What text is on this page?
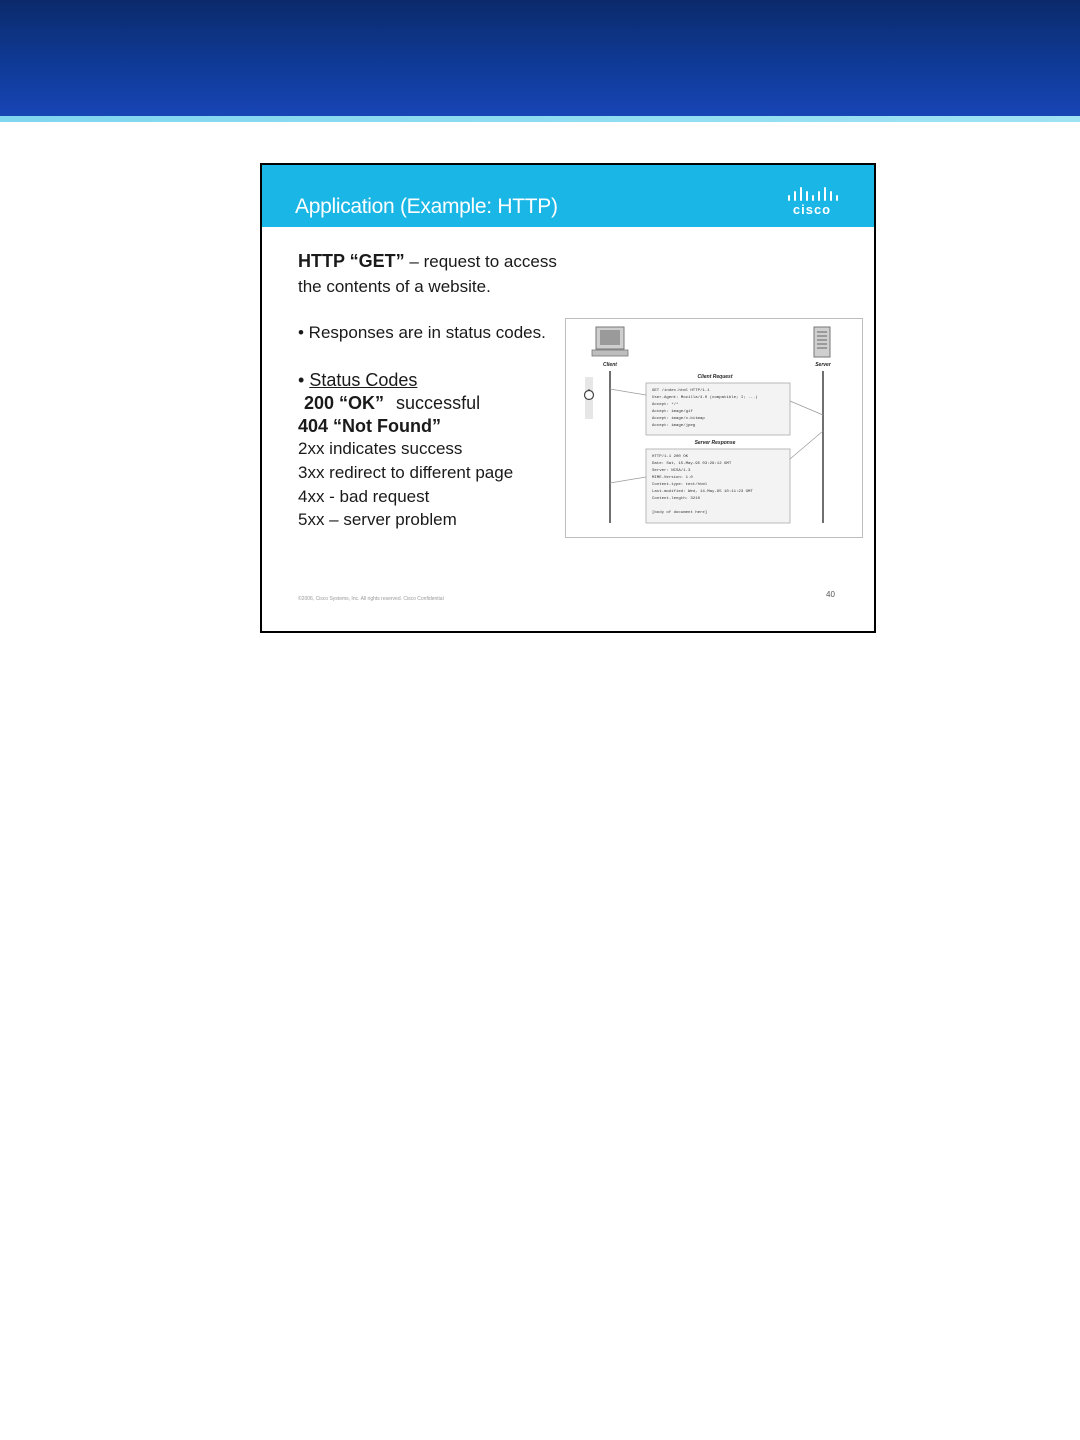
Application (Example: HTTP)	cisco
HTTP “GET” – request to access
the contents of a website.
• Responses are in status codes.
• Status Codes
200 “OK” successful
404 “Not Found”
2xx indicates success
3xx redirect to different page
4xx - bad request
5xx – server problem
Client	Server
Client Request
GET /index.html HTTP/1.1
User-Agent: Mozilla/4.0 (compatible; I; ...)
Accept: */*
Accept: image/gif
Accept: image/x-bitmap
Accept: image/jpeg
Server Response
HTTP/1.1 200 OK
Date: Sat, 15-May-95 03:29:12 GMT
Server: NCSA/1.3
MIME-Version: 1.0
Content-type: text/html
Last-modified: Wed, 14-May-95 10:11:23 GMT
Content-length: 3210
[body of document here]
©2006, Cisco Systems, Inc. All rights reserved. Cisco Confidential	40
